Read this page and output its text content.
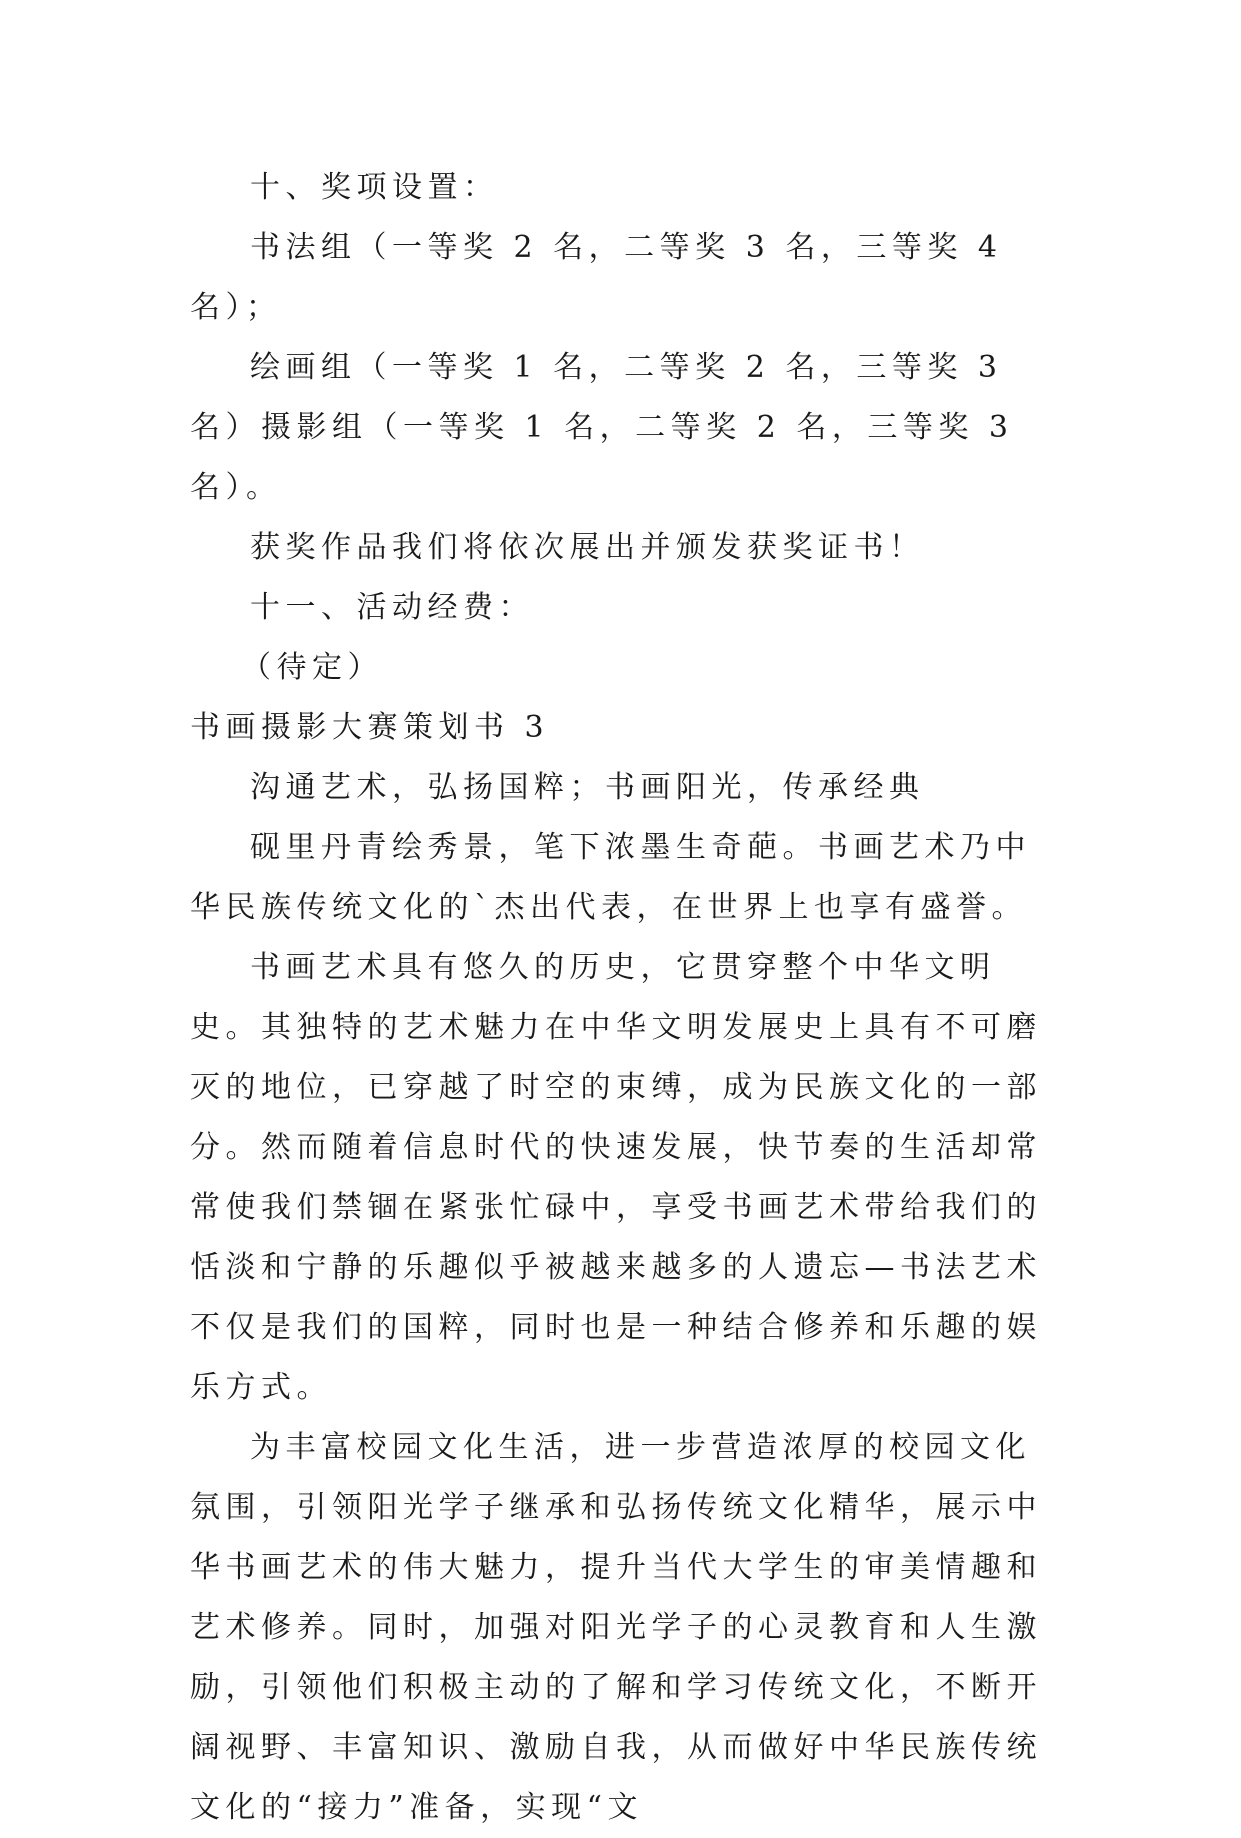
十、奖项设置：

书法组（一等奖 2 名，二等奖 3 名，三等奖 4 名）；

绘画组（一等奖 1 名，二等奖 2 名，三等奖 3 名）摄影组（一等奖 1 名，二等奖 2 名，三等奖 3 名）。

获奖作品我们将依次展出并颁发获奖证书！

十一、活动经费：

（待定）

书画摄影大赛策划书 3

沟通艺术，弘扬国粹；书画阳光，传承经典

砚里丹青绘秀景，笔下浓墨生奇葩。书画艺术乃中华民族传统文化的`杰出代表，在世界上也享有盛誉。

书画艺术具有悠久的历史，它贯穿整个中华文明史。其独特的艺术魅力在中华文明发展史上具有不可磨灭的地位，已穿越了时空的束缚，成为民族文化的一部分。然而随着信息时代的快速发展，快节奏的生活却常常使我们禁锢在紧张忙碌中，享受书画艺术带给我们的恬淡和宁静的乐趣似乎被越来越多的人遗忘—书法艺术不仅是我们的国粹，同时也是一种结合修养和乐趣的娱乐方式。

为丰富校园文化生活，进一步营造浓厚的校园文化氛围，引领阳光学子继承和弘扬传统文化精华，展示中华书画艺术的伟大魅力，提升当代大学生的审美情趣和艺术修养。同时，加强对阳光学子的心灵教育和人生激励，引领他们积极主动的了解和学习传统文化，不断开阔视野、丰富知识、激励自我，从而做好中华民族传统文化的“接力”准备，实现“文
